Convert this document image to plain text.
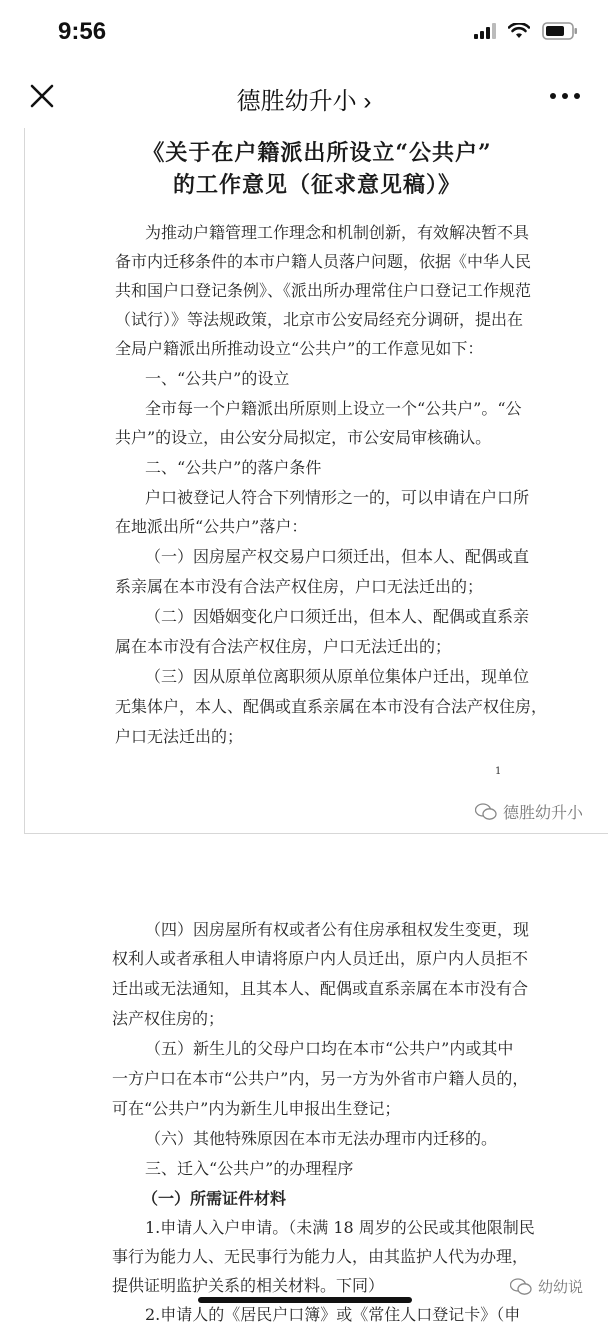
9:56
德胜幼升小 ›
《关于在户籍派出所设立“公共户”
的工作意见（征求意见稿）》
为推动户籍管理工作理念和机制创新，有效解决暂不具
备市内迁移条件的本市户籍人员落户问题，依据《中华人民
共和国户口登记条例》、《派出所办理常住户口登记工作规范
（试行）》等法规政策，北京市公安局经充分调研，提出在
全局户籍派出所推动设立“公共户”的工作意见如下：
一、“公共户”的设立
全市每一个户籍派出所原则上设立一个“公共户”。“公
共户”的设立，由公安分局拟定，市公安局审核确认。
二、“公共户”的落户条件
户口被登记人符合下列情形之一的，可以申请在户口所
在地派出所“公共户”落户：
（一）因房屋产权交易户口须迁出，但本人、配偶或直
系亲属在本市没有合法产权住房，户口无法迁出的；
（二）因婚姻变化户口须迁出，但本人、配偶或直系亲
属在本市没有合法产权住房，户口无法迁出的；
（三）因从原单位离职须从原单位集体户迁出，现单位
无集体户，本人、配偶或直系亲属在本市没有合法产权住房，
户口无法迁出的；
1
德胜幼升小
（四）因房屋所有权或者公有住房承租权发生变更，现
权利人或者承租人申请将原户内人员迁出，原户内人员拒不
迁出或无法通知，且其本人、配偶或直系亲属在本市没有合
法产权住房的；
（五）新生儿的父母户口均在本市“公共户”内或其中
一方户口在本市“公共户”内，另一方为外省市户籍人员的，
可在“公共户”内为新生儿申报出生登记；
（六）其他特殊原因在本市无法办理市内迁移的。
三、迁入“公共户”的办理程序
（一）所需证件材料
1.申请人入户申请。（未满 18 周岁的公民或其他限制民
事行为能力人、无民事行为能力人，由其监护人代为办理，
提供证明监护关系的相关材料。下同）
2.申请人的《居民户口簿》或《常住人口登记卡》（申
幼幼说
